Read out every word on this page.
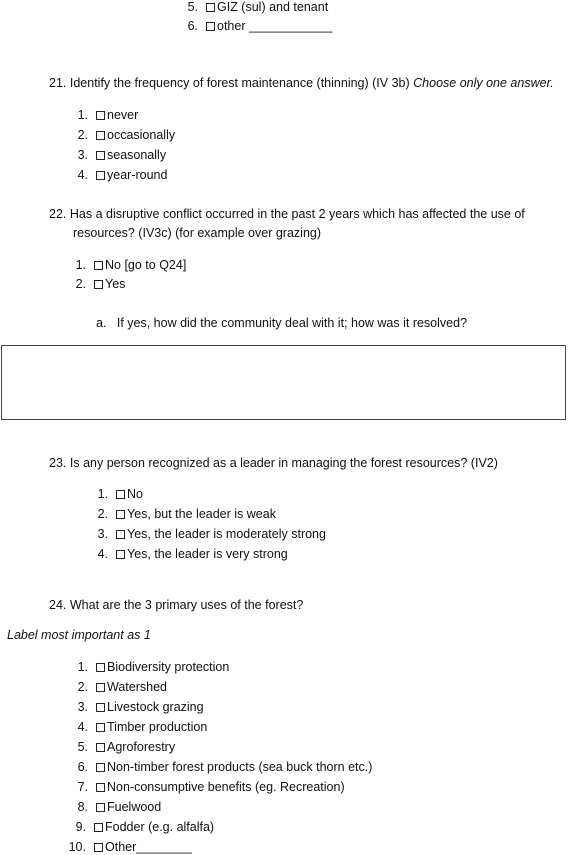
5. GIZ (sul) and tenant
6. other ____________
21. Identify the frequency of forest maintenance (thinning) (IV 3b) Choose only one answer.
1. never
2. occasionally
3. seasonally
4. year-round
22. Has a disruptive conflict occurred in the past 2 years which has affected the use of
resources? (IV3c) (for example over grazing)
1. No [go to Q24]
2. Yes
a. If yes, how did the community deal with it; how was it resolved?
23. Is any person recognized as a leader in managing the forest resources? (IV2)
1. No
2. Yes, but the leader is weak
3. Yes, the leader is moderately strong
4. Yes, the leader is very strong
24. What are the 3 primary uses of the forest?
Label most important as 1
1. Biodiversity protection
2. Watershed
3. Livestock grazing
4. Timber production
5. Agroforestry
6. Non-timber forest products (sea buck thorn etc.)
7. Non-consumptive benefits (eg. Recreation)
8. Fuelwood
9. Fodder (e.g. alfalfa)
10. Other________
